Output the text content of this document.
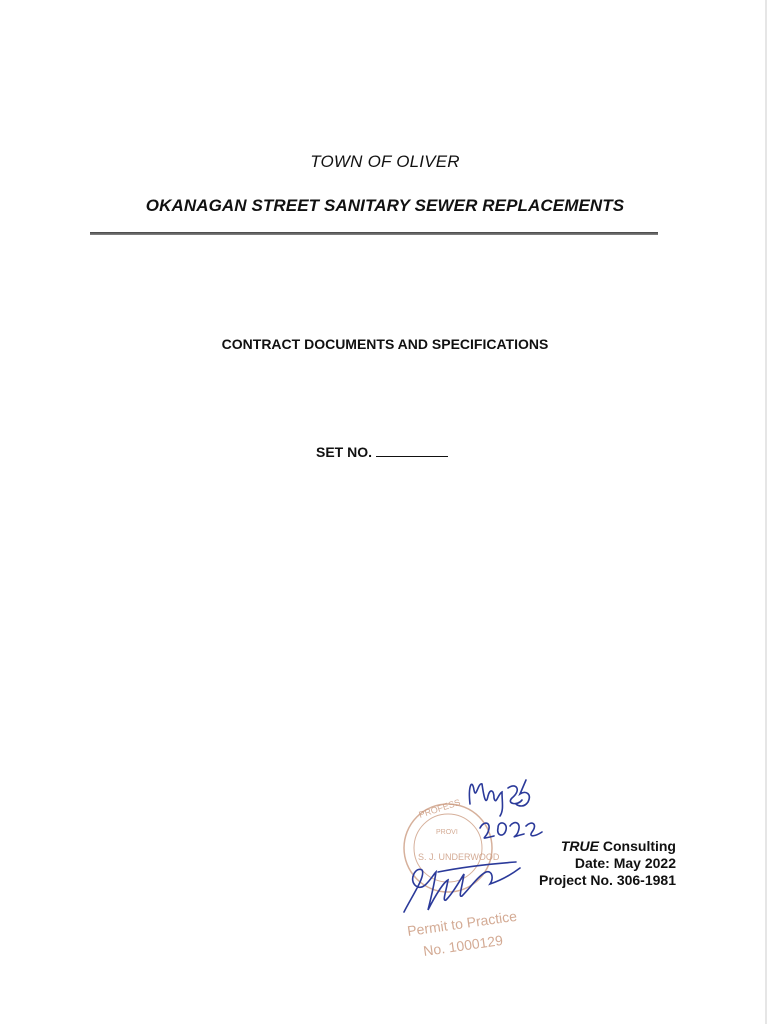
TOWN OF OLIVER
OKANAGAN STREET SANITARY SEWER REPLACEMENTS
CONTRACT DOCUMENTS AND SPECIFICATIONS
SET NO.
PROFESS
PROVI
S. J. UNDERWOOD
Permit to Practice
No. 1000129
TRUE Consulting
Date: May 2022
Project No. 306-1981
